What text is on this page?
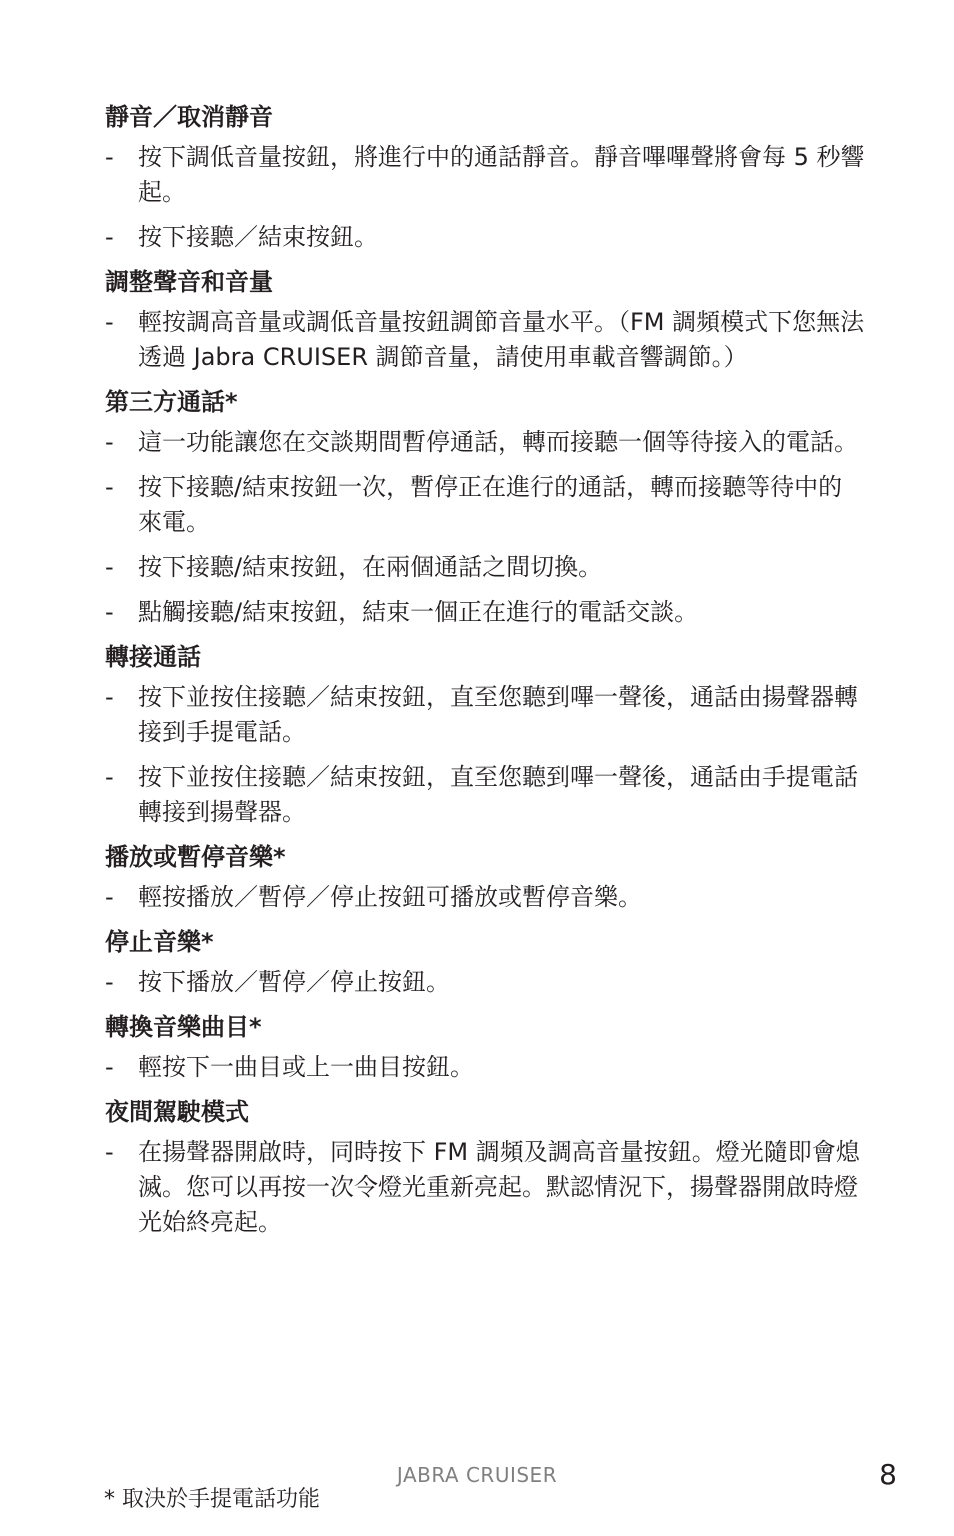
靜音／取消靜音
-	按下調低音量按鈕，將進行中的通話靜音。靜音嗶嗶聲將會每 5 秒響起。
-	按下接聽／結束按鈕。
調整聲音和音量
-	輕按調高音量或調低音量按鈕調節音量水平。（FM 調頻模式下您無法透過 Jabra CRUISER 調節音量，請使用車載音響調節。）
第三方通話*
-	這一功能讓您在交談期間暫停通話，轉而接聽一個等待接入的電話。
-	按下接聽/結束按鈕一次，暫停正在進行的通話，轉而接聽等待中的來電。
-	按下接聽/結束按鈕，在兩個通話之間切換。
-	點觸接聽/結束按鈕，結束一個正在進行的電話交談。
轉接通話
-	按下並按住接聽／結束按鈕，直至您聽到嗶一聲後，通話由揚聲器轉接到手提電話。
-	按下並按住接聽／結束按鈕，直至您聽到嗶一聲後，通話由手提電話轉接到揚聲器。
播放或暫停音樂*
-	輕按播放／暫停／停止按鈕可播放或暫停音樂。
停止音樂*
-	按下播放／暫停／停止按鈕。
轉換音樂曲目*
-	輕按下一曲目或上一曲目按鈕。
夜間駕駛模式
-	在揚聲器開啟時，同時按下 FM 調頻及調高音量按鈕。燈光隨即會熄滅。您可以再按一次令燈光重新亮起。默認情況下，揚聲器開啟時燈光始終亮起。
JABRA CRUISER	8
* 取決於手提電話功能
